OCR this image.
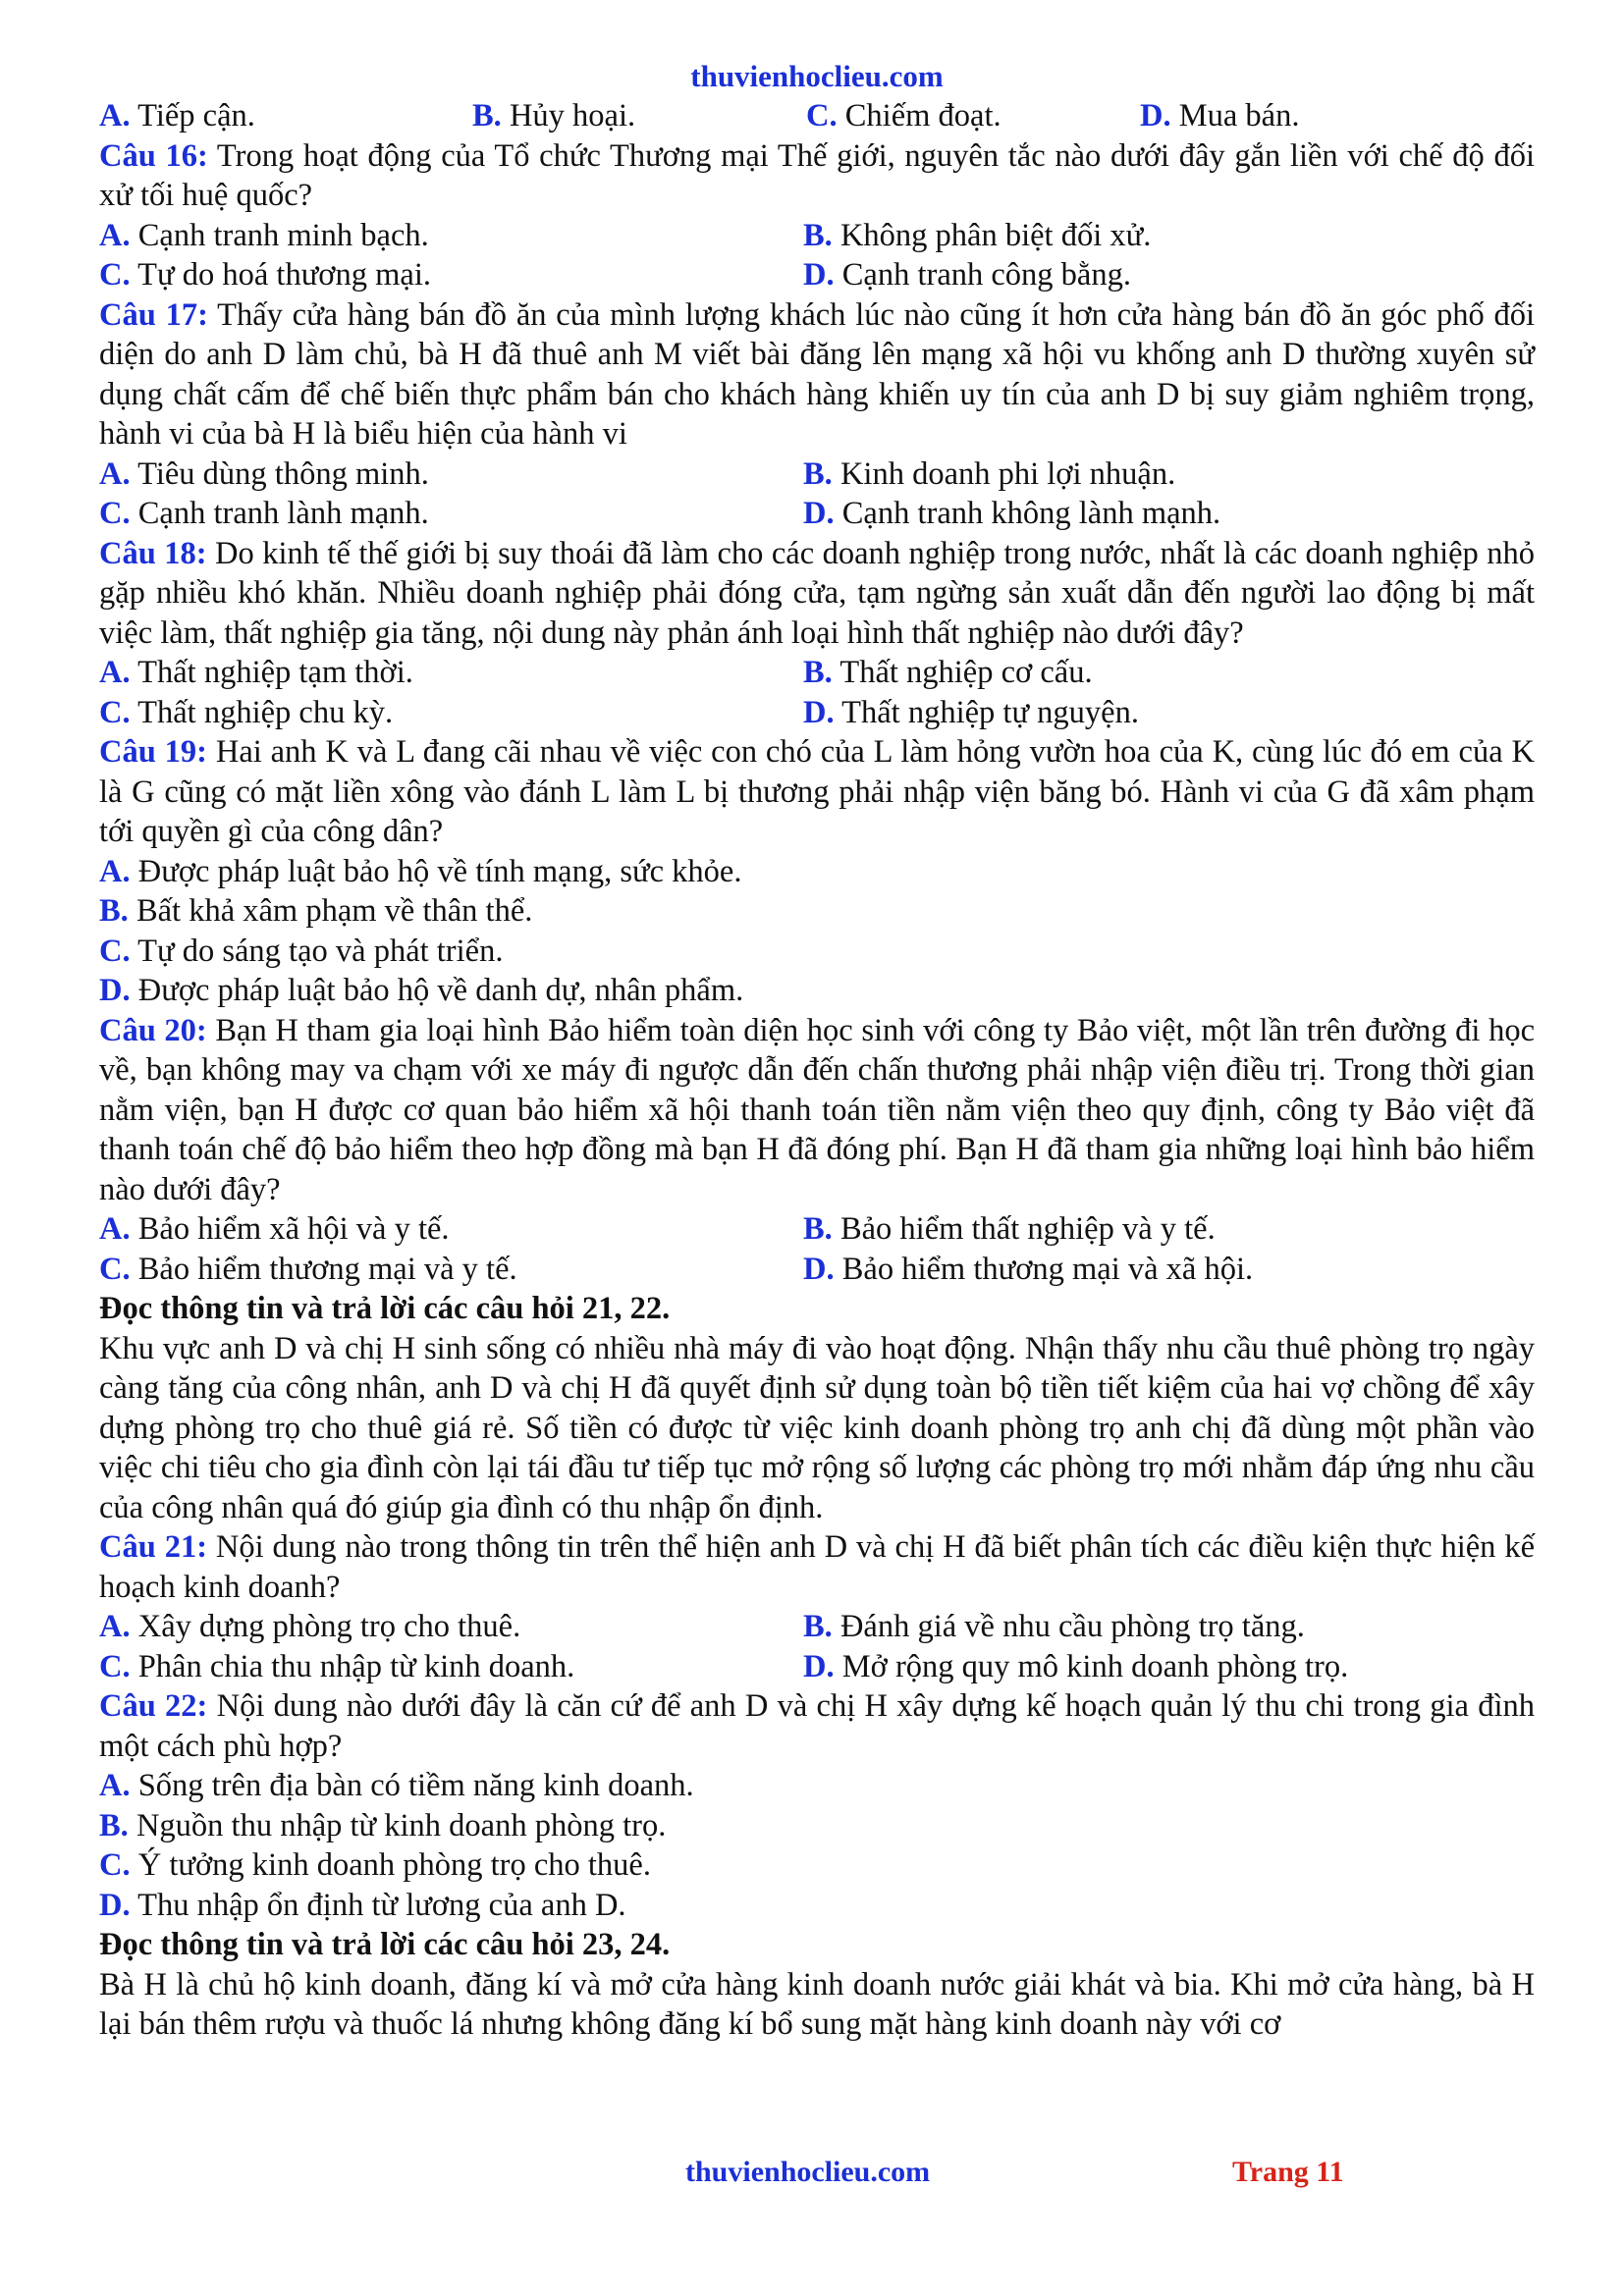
thuvienhoclieu.com
A. Tiếp cận.	B. Hủy hoại.	C. Chiếm đoạt.	D. Mua bán.
Câu 16: Trong hoạt động của Tổ chức Thương mại Thế giới, nguyên tắc nào dưới đây gắn liền với chế độ đối xử tối huệ quốc?
A. Cạnh tranh minh bạch.	B. Không phân biệt đối xử.
C. Tự do hoá thương mại.	D. Cạnh tranh công bằng.
Câu 17: Thấy cửa hàng bán đồ ăn của mình lượng khách lúc nào cũng ít hơn cửa hàng bán đồ ăn góc phố đối diện do anh D làm chủ, bà H đã thuê anh M viết bài đăng lên mạng xã hội vu khống anh D thường xuyên sử dụng chất cấm để chế biến thực phẩm bán cho khách hàng khiến uy tín của anh D bị suy giảm nghiêm trọng, hành vi của bà H là biểu hiện của hành vi
A. Tiêu dùng thông minh.	B. Kinh doanh phi lợi nhuận.
C. Cạnh tranh lành mạnh.	D. Cạnh tranh không lành mạnh.
Câu 18: Do kinh tế thế giới bị suy thoái đã làm cho các doanh nghiệp trong nước, nhất là các doanh nghiệp nhỏ gặp nhiều khó khăn. Nhiều doanh nghiệp phải đóng cửa, tạm ngừng sản xuất dẫn đến người lao động bị mất việc làm, thất nghiệp gia tăng, nội dung này phản ánh loại hình thất nghiệp nào dưới đây?
A. Thất nghiệp tạm thời.	B. Thất nghiệp cơ cấu.
C. Thất nghiệp chu kỳ.	D. Thất nghiệp tự nguyện.
Câu 19: Hai anh K và L đang cãi nhau về việc con chó của L làm hỏng vườn hoa của K, cùng lúc đó em của K là G cũng có mặt liền xông vào đánh L làm L bị thương phải nhập viện băng bó. Hành vi của G đã xâm phạm tới quyền gì của công dân?
A. Được pháp luật bảo hộ về tính mạng, sức khỏe.
B. Bất khả xâm phạm về thân thể.
C. Tự do sáng tạo và phát triển.
D. Được pháp luật bảo hộ về danh dự, nhân phẩm.
Câu 20: Bạn H tham gia loại hình Bảo hiểm toàn diện học sinh với công ty Bảo việt, một lần trên đường đi học về, bạn không may va chạm với xe máy đi ngược dẫn đến chấn thương phải nhập viện điều trị. Trong thời gian nằm viện, bạn H được cơ quan bảo hiểm xã hội thanh toán tiền nằm viện theo quy định, công ty Bảo việt đã thanh toán chế độ bảo hiểm theo hợp đồng mà bạn H đã đóng phí. Bạn H đã tham gia những loại hình bảo hiểm nào dưới đây?
A. Bảo hiểm xã hội và y tế.	B. Bảo hiểm thất nghiệp và y tế.
C. Bảo hiểm thương mại và y tế.	D. Bảo hiểm thương mại và xã hội.
Đọc thông tin và trả lời các câu hỏi 21, 22.
Khu vực anh D và chị H sinh sống có nhiều nhà máy đi vào hoạt động. Nhận thấy nhu cầu thuê phòng trọ ngày càng tăng của công nhân, anh D và chị H đã quyết định sử dụng toàn bộ tiền tiết kiệm của hai vợ chồng để xây dựng phòng trọ cho thuê giá rẻ. Số tiền có được từ việc kinh doanh phòng trọ anh chị đã dùng một phần vào việc chi tiêu cho gia đình còn lại tái đầu tư tiếp tục mở rộng số lượng các phòng trọ mới nhằm đáp ứng nhu cầu của công nhân quá đó giúp gia đình có thu nhập ổn định.
Câu 21: Nội dung nào trong thông tin trên thể hiện anh D và chị H đã biết phân tích các điều kiện thực hiện kế hoạch kinh doanh?
A. Xây dựng phòng trọ cho thuê.	B. Đánh giá về nhu cầu phòng trọ tăng.
C. Phân chia thu nhập từ kinh doanh.	D. Mở rộng quy mô kinh doanh phòng trọ.
Câu 22: Nội dung nào dưới đây là căn cứ để anh D và chị H xây dựng kế hoạch quản lý thu chi trong gia đình một cách phù hợp?
A. Sống trên địa bàn có tiềm năng kinh doanh.
B. Nguồn thu nhập từ kinh doanh phòng trọ.
C. Ý tưởng kinh doanh phòng trọ cho thuê.
D. Thu nhập ổn định từ lương của anh D.
Đọc thông tin và trả lời các câu hỏi 23, 24.
Bà H là chủ hộ kinh doanh, đăng kí và mở cửa hàng kinh doanh nước giải khát và bia. Khi mở cửa hàng, bà H lại bán thêm rượu và thuốc lá nhưng không đăng kí bổ sung mặt hàng kinh doanh này với cơ
thuvienhoclieu.com	Trang 11
